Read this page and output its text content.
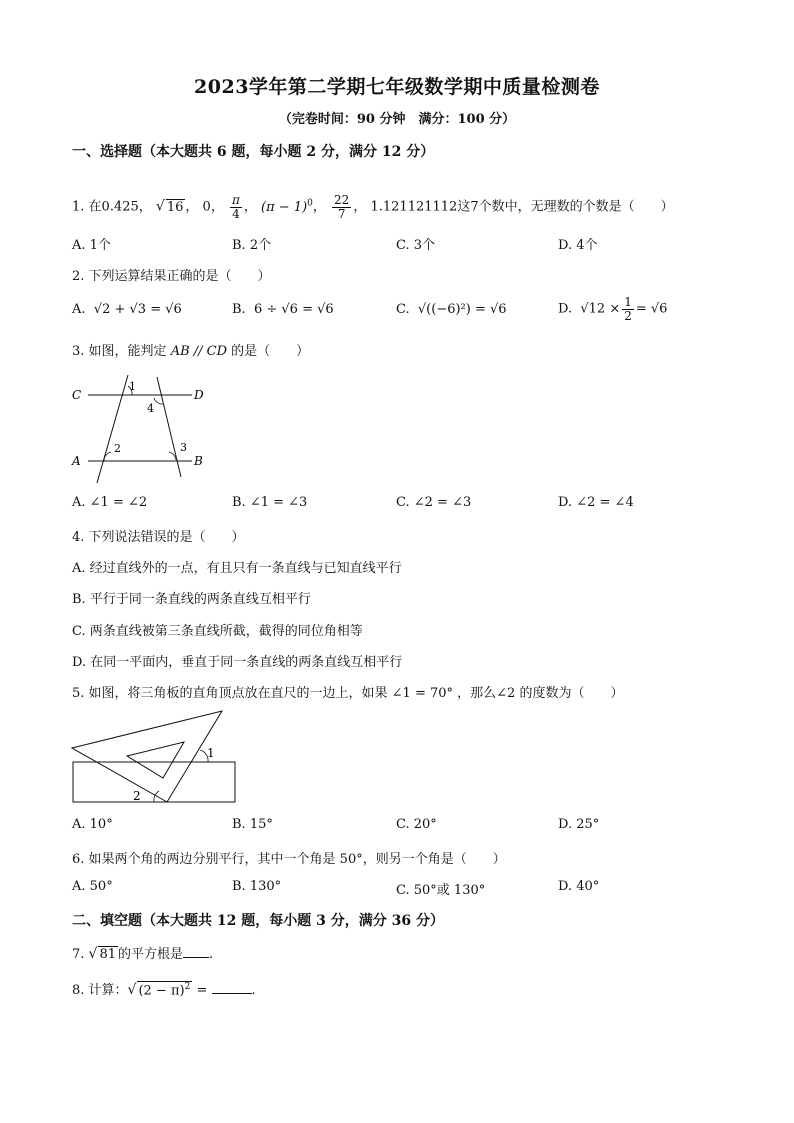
2023学年第二学期七年级数学期中质量检测卷
（完卷时间：90 分钟　满分：100 分）
一、选择题（本大题共 6 题，每小题 2 分，满分 12 分）
1. 在0.425， √ 16 ， 0， $\frac{\pi}{4}$ ， $(\pi - 1)^0$， $\frac{22}{7}$ ， 1.121121112这7个数中，无理数的个数是（　　）
A. 1个	B. 2个	C. 3个	D. 4个
2. 下列运算结果正确的是（　　）
A. √2 + √3 = √6	B. 6 ÷ √6 = √6	C. √((−6)²) = √6	D. $√12 \times \frac{1}{2} = √6$
3. 如图，能判定 AB // CD 的是（　　）
C	D
A	B
1
4
2	3
A. ∠1 = ∠2	B. ∠1 = ∠3	C. ∠2 = ∠3	D. ∠2 = ∠4
4. 下列说法错误的是（　　）
A. 经过直线外的一点，有且只有一条直线与已知直线平行
B. 平行于同一条直线的两条直线互相平行
C. 两条直线被第三条直线所截，截得的同位角相等
D. 在同一平面内，垂直于同一条直线的两条直线互相平行
5. 如图，将三角板的直角顶点放在直尺的一边上，如果 ∠1 = 70° ，那么∠2 的度数为（　　）
1
2
A. 10°	B. 15°	C. 20°	D. 25°
6. 如果两个角的两边分别平行，其中一个角是 50°，则另一个角是（　　）
A. 50°	B. 130°	C. 50°或 130°	D. 40°
二、填空题（本大题共 12 题，每小题 3 分，满分 36 分）
7. √ 81 的平方根是 .
8. 计算：√ $(2 - \pi)^2$ =	.
